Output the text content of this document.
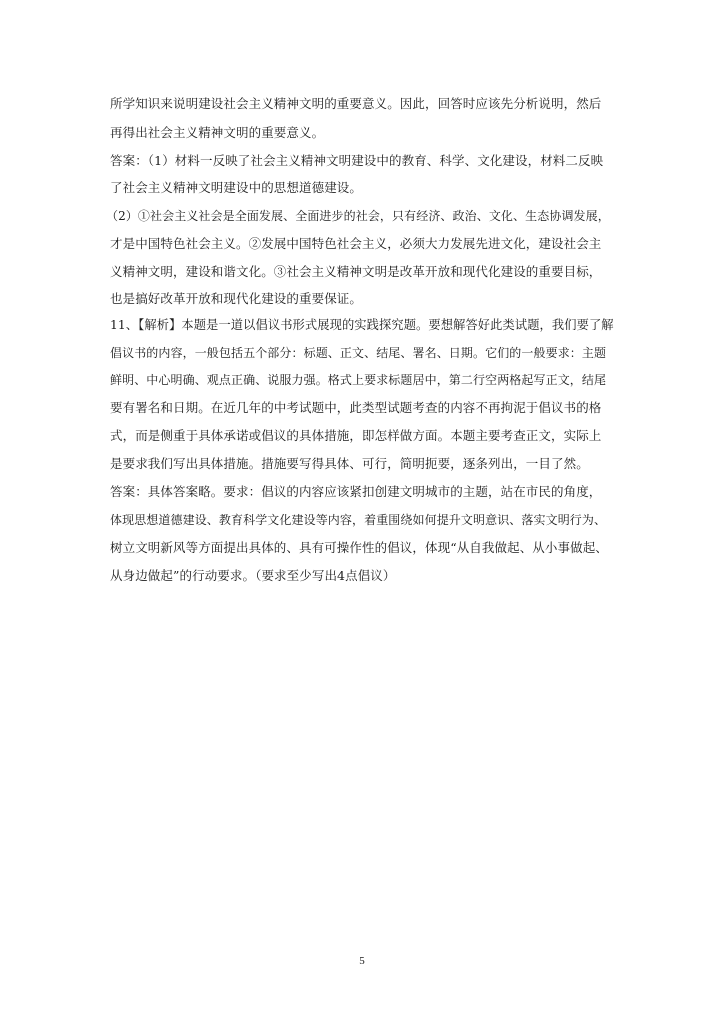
所学知识来说明建设社会主义精神文明的重要意义。因此，回答时应该先分析说明，然后
再得出社会主义精神文明的重要意义。
答案：（1）材料一反映了社会主义精神文明建设中的教育、科学、文化建设，材料二反映
了社会主义精神文明建设中的思想道德建设。
（2）①社会主义社会是全面发展、全面进步的社会，只有经济、政治、文化、生态协调发展，
才是中国特色社会主义。②发展中国特色社会主义，必须大力发展先进文化，建设社会主
义精神文明，建设和谐文化。③社会主义精神文明是改革开放和现代化建设的重要目标，
也是搞好改革开放和现代化建设的重要保证。
11、【解析】本题是一道以倡议书形式展现的实践探究题。要想解答好此类试题，我们要了解
倡议书的内容，一般包括五个部分：标题、正文、结尾、署名、日期。它们的一般要求：主题
鲜明、中心明确、观点正确、说服力强。格式上要求标题居中，第二行空两格起写正文，结尾
要有署名和日期。在近几年的中考试题中，此类型试题考查的内容不再拘泥于倡议书的格
式，而是侧重于具体承诺或倡议的具体措施，即怎样做方面。本题主要考查正文，实际上
是要求我们写出具体措施。措施要写得具体、可行，简明扼要，逐条列出，一目了然。
答案：具体答案略。要求：倡议的内容应该紧扣创建文明城市的主题，站在市民的角度，
体现思想道德建设、教育科学文化建设等内容，着重围绕如何提升文明意识、落实文明行为、
树立文明新风等方面提出具体的、具有可操作性的倡议，体现“从自我做起、从小事做起、
从身边做起”的行动要求。（要求至少写出4点倡议）
5
